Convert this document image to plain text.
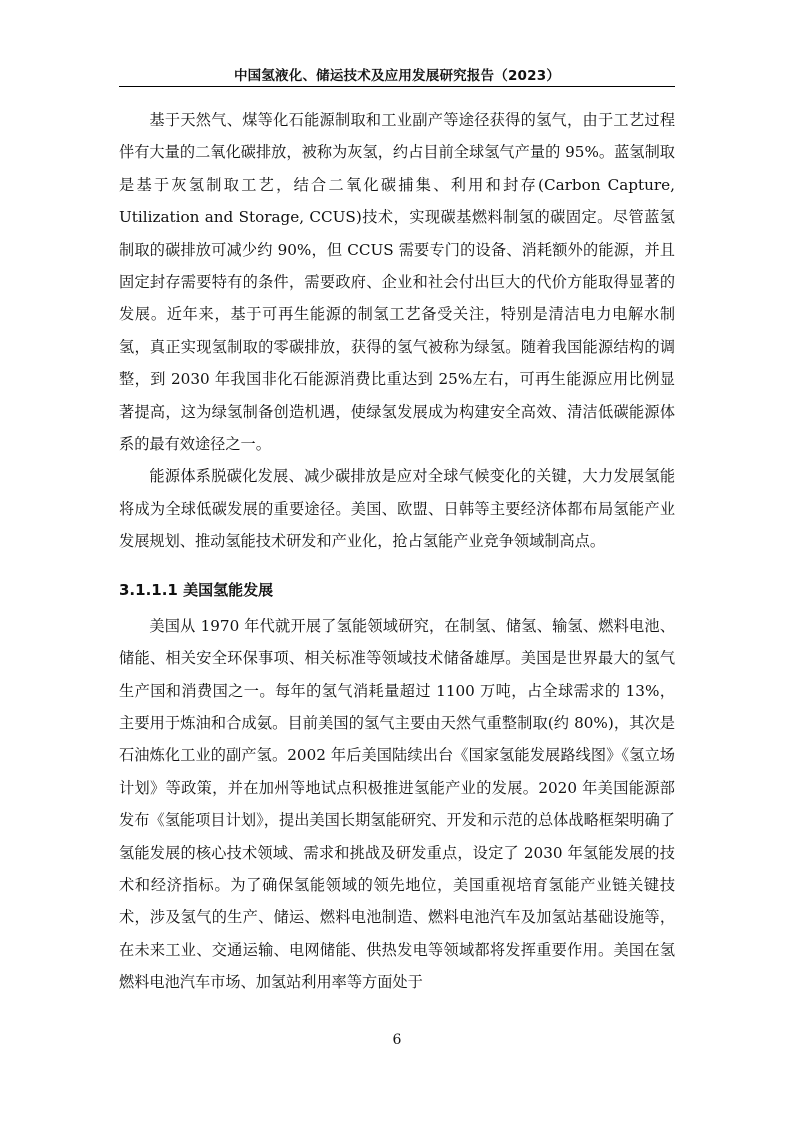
中国氢液化、储运技术及应用发展研究报告（2023）

基于天然气、煤等化石能源制取和工业副产等途径获得的氢气，由于工艺过程伴有大量的二氧化碳排放，被称为灰氢，约占目前全球氢气产量的 95%。蓝氢制取是基于灰氢制取工艺，结合二氧化碳捕集、利用和封存(Carbon Capture, Utilization and Storage, CCUS)技术，实现碳基燃料制氢的碳固定。尽管蓝氢制取的碳排放可减少约 90%，但 CCUS 需要专门的设备、消耗额外的能源，并且固定封存需要特有的条件，需要政府、企业和社会付出巨大的代价方能取得显著的发展。近年来，基于可再生能源的制氢工艺备受关注，特别是清洁电力电解水制氢，真正实现氢制取的零碳排放，获得的氢气被称为绿氢。随着我国能源结构的调整，到 2030 年我国非化石能源消费比重达到 25%左右，可再生能源应用比例显著提高，这为绿氢制备创造机遇，使绿氢发展成为构建安全高效、清洁低碳能源体系的最有效途径之一。

能源体系脱碳化发展、减少碳排放是应对全球气候变化的关键，大力发展氢能将成为全球低碳发展的重要途径。美国、欧盟、日韩等主要经济体都布局氢能产业发展规划、推动氢能技术研发和产业化，抢占氢能产业竞争领域制高点。

3.1.1.1 美国氢能发展

美国从 1970 年代就开展了氢能领域研究，在制氢、储氢、输氢、燃料电池、储能、相关安全环保事项、相关标准等领域技术储备雄厚。美国是世界最大的氢气生产国和消费国之一。每年的氢气消耗量超过 1100 万吨，占全球需求的 13%，主要用于炼油和合成氨。目前美国的氢气主要由天然气重整制取(约 80%)，其次是石油炼化工业的副产氢。2002 年后美国陆续出台《国家氢能发展路线图》《氢立场计划》等政策，并在加州等地试点积极推进氢能产业的发展。2020 年美国能源部发布《氢能项目计划》，提出美国长期氢能研究、开发和示范的总体战略框架明确了氢能发展的核心技术领域、需求和挑战及研发重点，设定了 2030 年氢能发展的技术和经济指标。为了确保氢能领域的领先地位，美国重视培育氢能产业链关键技术，涉及氢气的生产、储运、燃料电池制造、燃料电池汽车及加氢站基础设施等，在未来工业、交通运输、电网储能、供热发电等领域都将发挥重要作用。美国在氢燃料电池汽车市场、加氢站利用率等方面处于

6
